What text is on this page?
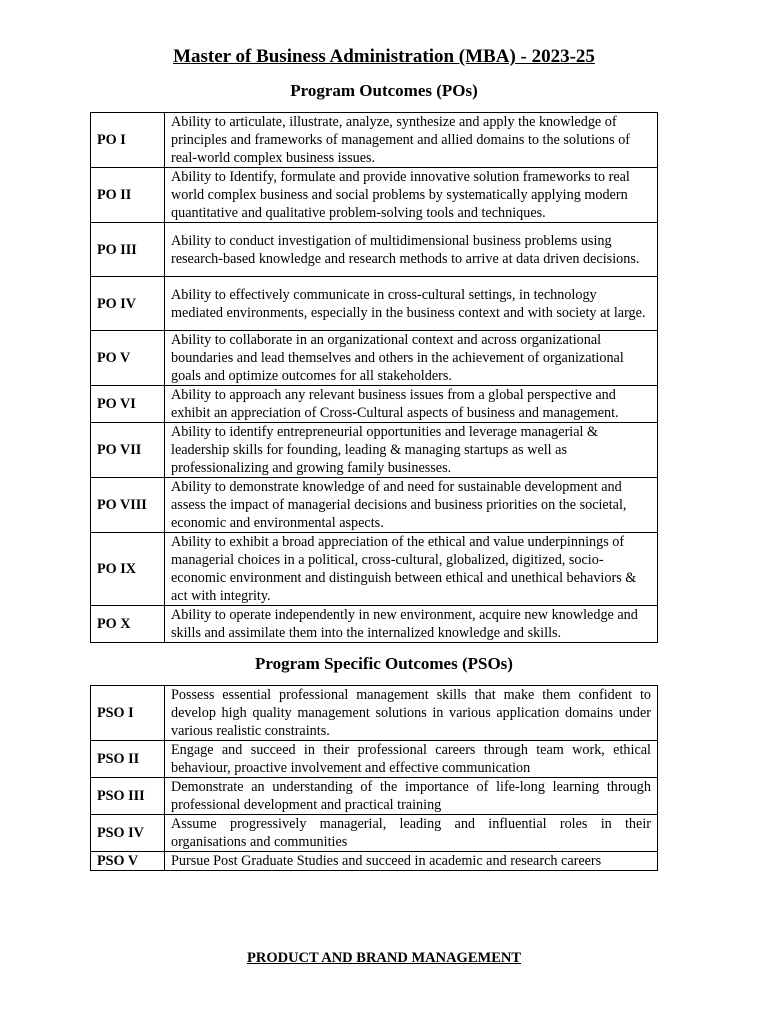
Master of Business Administration (MBA) - 2023-25
Program Outcomes (POs)
PO I	Ability to articulate, illustrate, analyze, synthesize and apply the knowledge of principles and frameworks of management and allied domains to the solutions of real-world complex business issues.
PO II	Ability to Identify, formulate and provide innovative solution frameworks to real world complex business and social problems by systematically applying modern quantitative and qualitative problem-solving tools and techniques.
PO III	Ability to conduct investigation of multidimensional business problems using research-based knowledge and research methods to arrive at data driven decisions.
PO IV	Ability to effectively communicate in cross-cultural settings, in technology mediated environments, especially in the business context and with society at large.
PO V	Ability to collaborate in an organizational context and across organizational boundaries and lead themselves and others in the achievement of organizational goals and optimize outcomes for all stakeholders.
PO VI	Ability to approach any relevant business issues from a global perspective and exhibit an appreciation of Cross-Cultural aspects of business and management.
PO VII	Ability to identify entrepreneurial opportunities and leverage managerial & leadership skills for founding, leading & managing startups as well as professionalizing and growing family businesses.
PO VIII	Ability to demonstrate knowledge of and need for sustainable development and assess the impact of managerial decisions and business priorities on the societal, economic and environmental aspects.
PO IX	Ability to exhibit a broad appreciation of the ethical and value underpinnings of managerial choices in a political, cross-cultural, globalized, digitized, socio-economic environment and distinguish between ethical and unethical behaviors & act with integrity.
PO X	Ability to operate independently in new environment, acquire new knowledge and skills and assimilate them into the internalized knowledge and skills.
Program Specific Outcomes (PSOs)
PSO I	Possess essential professional management skills that make them confident to develop high quality management solutions in various application domains under various realistic constraints.
PSO II	Engage and succeed in their professional careers through team work, ethical behaviour, proactive involvement and effective communication
PSO III	Demonstrate an understanding of the importance of life-long learning through professional development and practical training
PSO IV	Assume progressively managerial, leading and influential roles in their organisations and communities
PSO V	Pursue Post Graduate Studies and succeed in academic and research careers
PRODUCT AND BRAND MANAGEMENT
